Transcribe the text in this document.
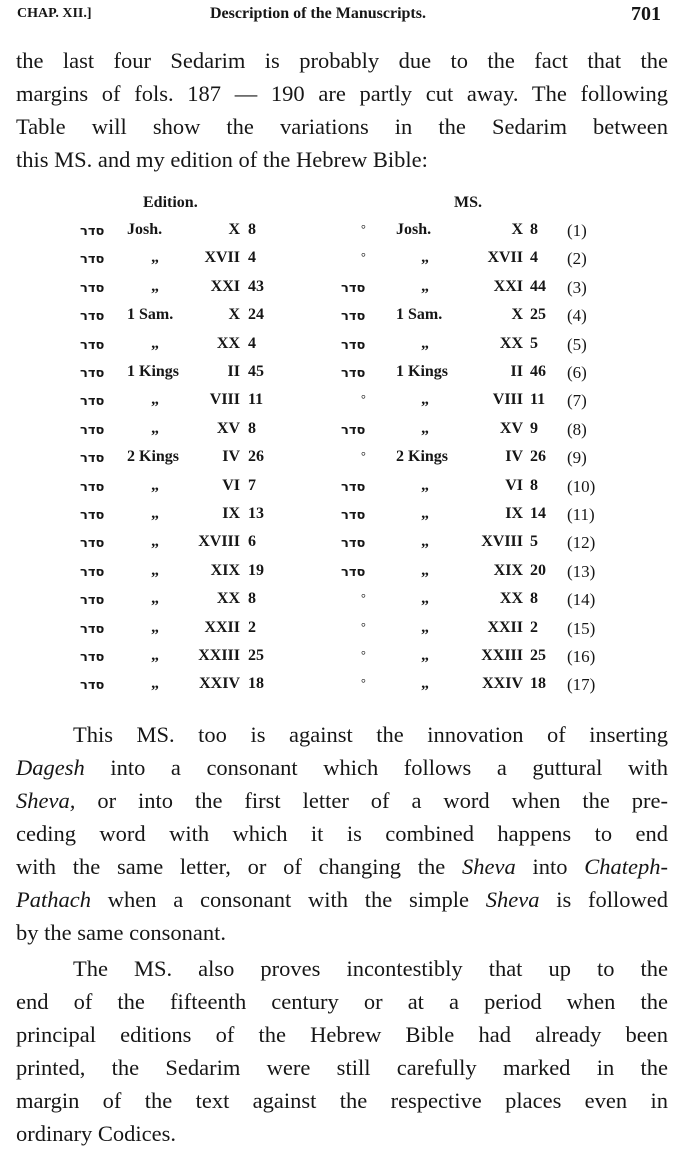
CHAP. XII.]	Description of the Manuscripts.	701
the last four Sedarim is probably due to the fact that the
margins of fols. 187 — 190 are partly cut away. The following
Table will show the variations in the Sedarim between
this MS. and my edition of the Hebrew Bible:
Edition.	MS.
סדר Josh.	X 8	° Josh.	X 8 (1)
סדר	„	XVII 4	°	„	XVII 4 (2)
סדר	„	XXI 43	סדר	„	XXI 44 (3)
סדר 1 Sam.	X 24	סדר 1 Sam.	X 25 (4)
סדר	„	XX 4	סדר	„	XX 5 (5)
סדר 1 Kings	II 45	סדר 1 Kings	II 46 (6)
סדר	„	VIII 11	°	„	VIII 11 (7)
סדר	„	XV 8	סדר	„	XV 9 (8)
סדר 2 Kings	IV 26	° 2 Kings	IV 26 (9)
סדר	„	VI 7	סדר	„	VI 8 (10)
סדר	„	IX 13	סדר	„	IX 14 (11)
סדר	„	XVIII 6	סדר	„	XVIII 5 (12)
סדר	„	XIX 19	סדר	„	XIX 20 (13)
סדר	„	XX 8	°	„	XX 8 (14)
סדר	„	XXII 2	°	„	XXII 2 (15)
סדר	„	XXIII 25	°	„	XXIII 25 (16)
סדר	„	XXIV 18	°	„	XXIV 18 (17)
This MS. too is against the innovation of inserting
Dagesh into a consonant which follows a guttural with
Sheva, or into the first letter of a word when the pre-
ceding word with which it is combined happens to end
with the same letter, or of changing the Sheva into Chateph-
Pathach when a consonant with the simple Sheva is followed
by the same consonant.
The MS. also proves incontestibly that up to the
end of the fifteenth century or at a period when the
principal editions of the Hebrew Bible had already been
printed, the Sedarim were still carefully marked in the
margin of the text against the respective places even in
ordinary Codices.
